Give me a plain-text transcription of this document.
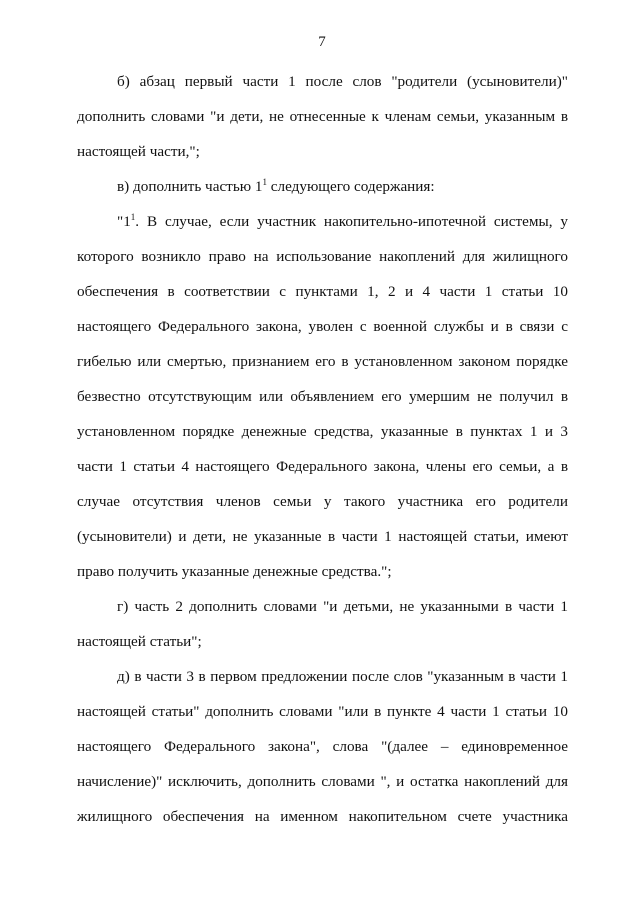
7
б) абзац первый части 1 после слов "родители (усыновители)"
дополнить словами "и дети, не отнесенные к членам семьи, указанным в
настоящей части,";
в) дополнить частью $1^1$ следующего содержания:
"$1^1$. В случае, если участник накопительно-ипотечной системы, у
которого возникло право на использование накоплений для жилищного
обеспечения в соответствии с пунктами 1, 2 и 4 части 1 статьи 10
настоящего Федерального закона, уволен с военной службы и в связи с
гибелью или смертью, признанием его в установленном законом порядке
безвестно отсутствующим или объявлением его умершим не получил в
установленном порядке денежные средства, указанные в пунктах 1 и 3
части 1 статьи 4 настоящего Федерального закона, члены его семьи, а в
случае отсутствия членов семьи у такого участника его родители
(усыновители) и дети, не указанные в части 1 настоящей статьи, имеют
право получить указанные денежные средства.";
г) часть 2 дополнить словами "и детьми, не указанными в части 1
настоящей статьи";
д) в части 3 в первом предложении после слов "указанным в части 1
настоящей статьи" дополнить словами "или в пункте 4 части 1 статьи 10
настоящего Федерального закона", слова "(далее – единовременное
начисление)" исключить, дополнить словами ", и остатка накоплений для
жилищного обеспечения на именном накопительном счете участника
